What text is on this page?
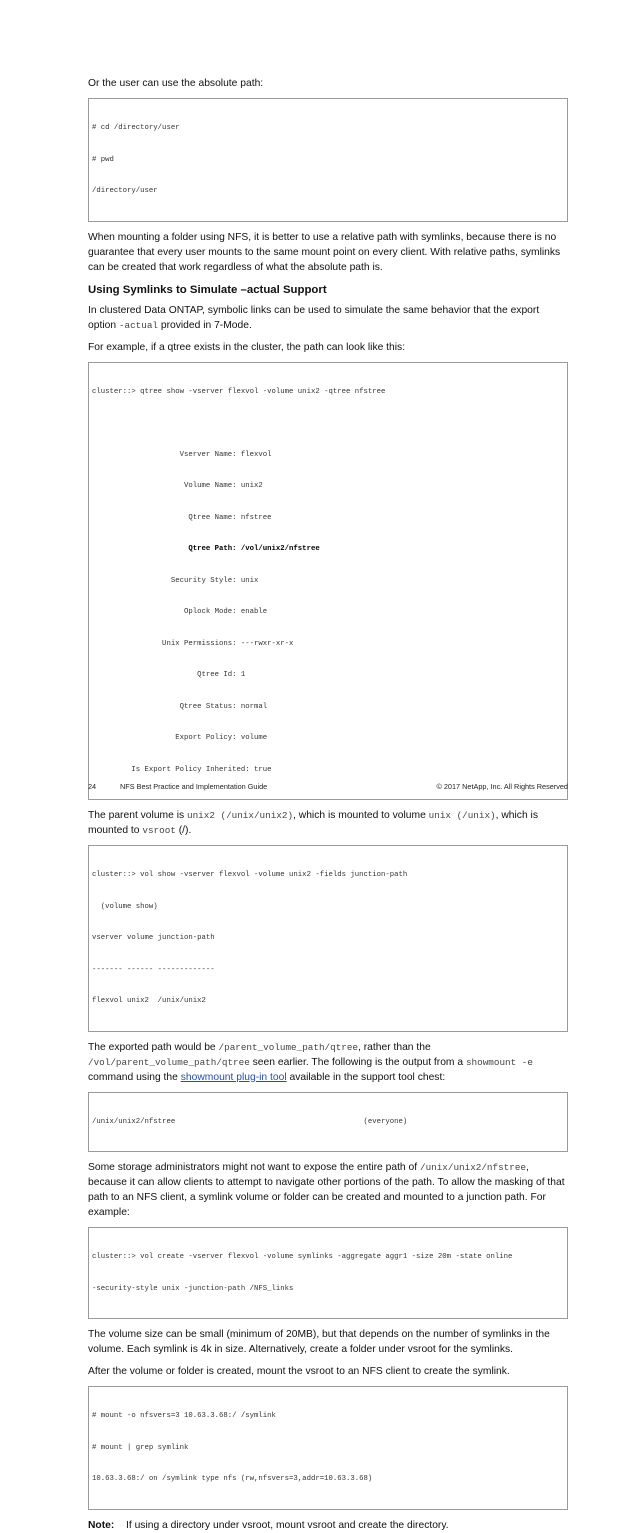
Or the user can use the absolute path:

# cd /directory/user

# pwd

/directory/user

When mounting a folder using NFS, it is better to use a relative path with symlinks, because there is no guarantee that every user mounts to the same mount point on every client. With relative paths, symlinks can be created that work regardless of what the absolute path is.

Using Symlinks to Simulate –actual Support

In clustered Data ONTAP, symbolic links can be used to simulate the same behavior that the export option -actual provided in 7-Mode.

For example, if a qtree exists in the cluster, the path can look like this:

cluster::> qtree show -vserver flexvol -volume unix2 -qtree nfstree

Vserver Name: flexvol

Volume Name: unix2

Qtree Name: nfstree

Qtree Path: /vol/unix2/nfstree

Security Style: unix

Oplock Mode: enable

Unix Permissions: ---rwxr-xr-x

Qtree Id: 1

Qtree Status: normal

Export Policy: volume

Is Export Policy Inherited: true

The parent volume is unix2 (/unix/unix2), which is mounted to volume unix (/unix), which is mounted to vsroot (/).

cluster::> vol show -vserver flexvol -volume unix2 -fields junction-path

(volume show)

vserver volume junction-path

------- ------ -------------

flexvol unix2  /unix/unix2

The exported path would be /parent_volume_path/qtree, rather than the /vol/parent_volume_path/qtree seen earlier. The following is the output from a showmount -e command using the showmount plug-in tool available in the support tool chest:

/unix/unix2/nfstree                                           (everyone)

Some storage administrators might not want to expose the entire path of /unix/unix2/nfstree, because it can allow clients to attempt to navigate other portions of the path. To allow the masking of that path to an NFS client, a symlink volume or folder can be created and mounted to a junction path. For example:

cluster::> vol create -vserver flexvol -volume symlinks -aggregate aggr1 -size 20m -state online

-security-style unix -junction-path /NFS_links

The volume size can be small (minimum of 20MB), but that depends on the number of symlinks in the volume. Each symlink is 4k in size. Alternatively, create a folder under vsroot for the symlinks.

After the volume or folder is created, mount the vsroot to an NFS client to create the symlink.

# mount -o nfsvers=3 10.63.3.68:/ /symlink

# mount | grep symlink

10.63.3.68:/ on /symlink type nfs (rw,nfsvers=3,addr=10.63.3.68)

Note: If using a directory under vsroot, mount vsroot and create the directory.
24	NFS Best Practice and Implementation Guide	© 2017 NetApp, Inc. All Rights Reserved
